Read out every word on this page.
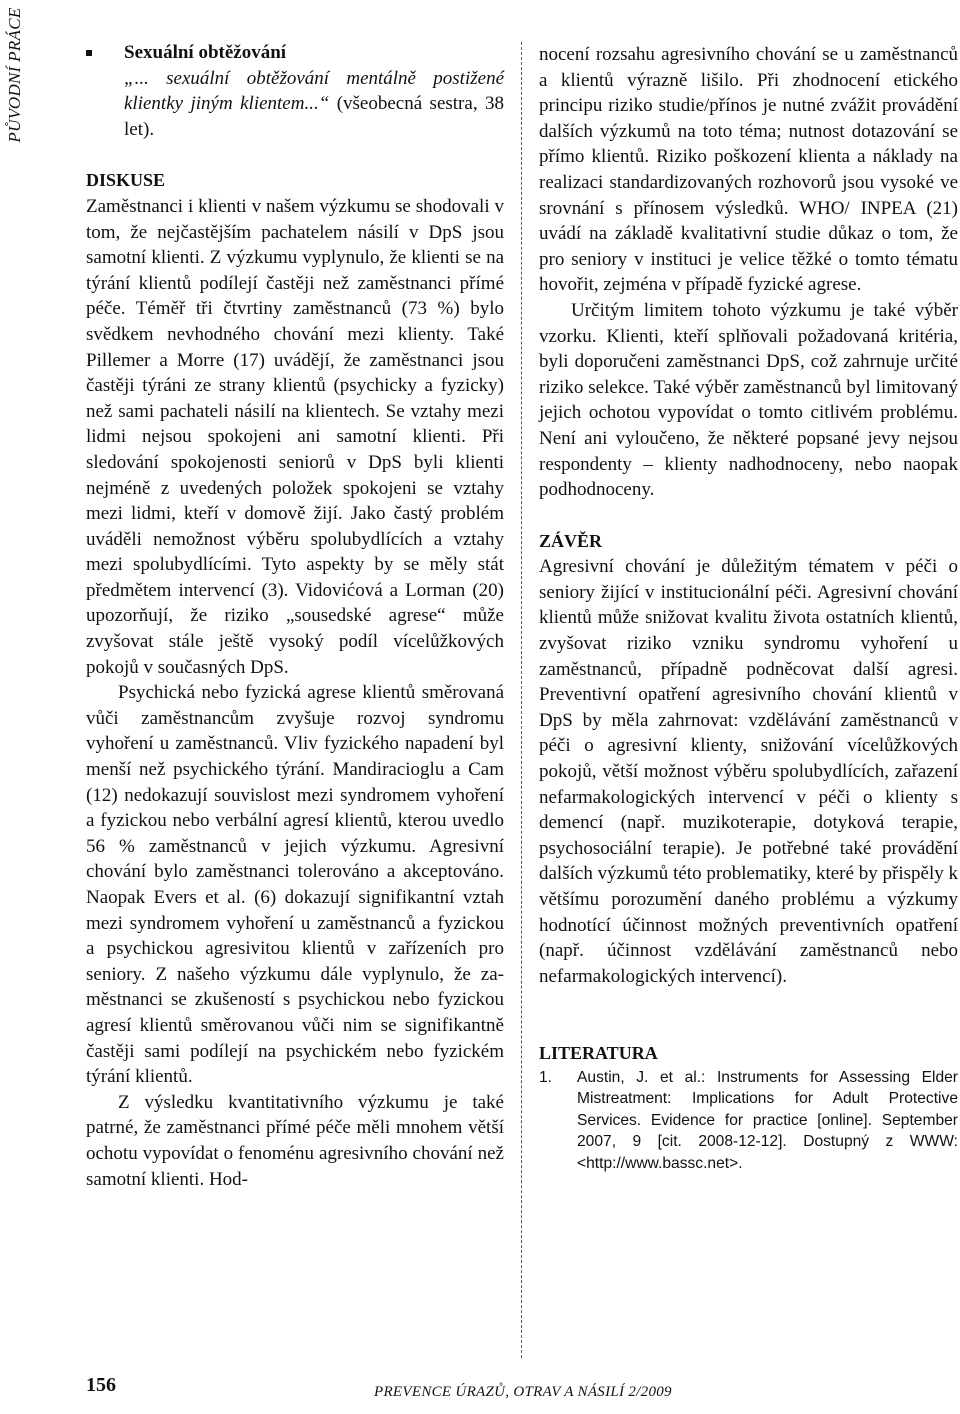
PŮVODNÍ PRÁCE	Sexuální obtěžování
„... sexuální obtěžování mentálně postižené klientky jiným klientem...“ (všeobecná sestra, 38 let).
DISKUSE

Zaměstnanci i klienti v našem výzkumu se shodovali v tom, že nejčastějším pachatelem násilí v DpS jsou samotní klienti. Z výzkumu vyplynulo, že klienti se na týrání klientů podílejí častěji než zaměstnanci přímé péče. Téměř tři čtvrtiny zaměstnanců (73 %) bylo svědkem nevhodného chování mezi klienty. Také Pillemer a Morre (17) uvádějí, že zaměstnanci jsou častěji týráni ze strany klientů (psychicky a fyzicky) než sami pachateli násilí na klientech. Se vztahy mezi lidmi nejsou spokojeni ani samotní klienti. Při sledování spokojenosti seniorů v DpS byli klienti nejméně z uvedených položek spokojeni se vztahy mezi lidmi, kteří v domově žijí. Jako častý problém uváděli nemožnost výběru spolubydlících a vztahy mezi spolubydlícími. Tyto aspekty by se měly stát předmětem intervencí (3). Vidovićová a Lorman (20) upozorňují, že riziko „sousedské agrese“ může zvyšovat stále ještě vysoký podíl vícelůžkových pokojů v současných DpS.

Psychická nebo fyzická agrese klientů směrovaná vůči zaměstnancům zvyšuje rozvoj syndromu vyhoření u zaměstnanců. Vliv fyzického napadení byl menší než psychického týrání. Mandiracioglu a Cam (12) nedokazují souvislost mezi syndromem vyhoření a fyzickou nebo verbální agresí klientů, kterou uvedlo 56 % zaměstnanců v jejich výzkumu. Agresivní chování bylo zaměstnanci tolerováno a akceptováno. Naopak Evers et al. (6) dokazují signifikantní vztah mezi syndromem vyhoření u zaměstnanců a fyzickou a psychickou agresivitou klientů v zařízeních pro seniory. Z našeho výzkumu dále vyplynulo, že zaměstnanci se zkušeností s psychickou nebo fyzickou agresí klientů směrovanou vůči nim se signifikantně častěji sami podílejí na psychickém nebo fyzickém týrání klientů.

Z výsledku kvantitativního výzkumu je také patrné, že zaměstnanci přímé péče měli mnohem větší ochotu vypovídat o fenoménu agresivního chování než samotní klienti. Hod-

nocení rozsahu agresivního chování se u zaměstnanců a klientů výrazně lišilo. Při zhodnocení etického principu riziko studie/přínos je nutné zvážit provádění dalších výzkumů na toto téma; nutnost dotazování se přímo klientů. Riziko poškození klienta a náklady na realizaci standardizovaných rozhovorů jsou vysoké ve srovnání s přínosem výsledků. WHO/ INPEA (21) uvádí na základě kvalitativní studie důkaz o tom, že pro seniory v instituci je velice těžké o tomto tématu hovořit, zejména v případě fyzické agrese.

Určitým limitem tohoto výzkumu je také výběr vzorku. Klienti, kteří splňovali požadovaná kritéria, byli doporučeni zaměstnanci DpS, což zahrnuje určité riziko selekce. Také výběr zaměstnanců byl limitovaný jejich ochotou vypovídat o tomto citlivém problému. Není ani vyloučeno, že některé popsané jevy nejsou respondenty – klienty nadhodnoceny, nebo naopak podhodnoceny.

ZÁVĚR

Agresivní chování je důležitým tématem v péči o seniory žijící v institucionální péči. Agresivní chování klientů může snižovat kvalitu života ostatních klientů, zvyšovat riziko vzniku syndromu vyhoření u zaměstnanců, případně podněcovat další agresi. Preventivní opatření agresivního chování klientů v DpS by měla zahrnovat: vzdělávání zaměstnanců v péči o agresivní klienty, snižování vícelůžkových pokojů, větší možnost výběru spolubydlících, zařazení nefarmakologických intervencí v péči o klienty s demencí (např. muzikoterapie, dotyková terapie, psychosociální terapie). Je potřebné také provádění dalších výzkumů této problematiky, které by přispěly k většímu porozumění daného problému a výzkumy hodnotící účinnost možných preventivních opatření (např. účinnost vzdělávání zaměstnanců nebo nefarmakologických intervencí).

LITERATURA
1. Austin, J. et al.: Instruments for Assessing Elder Mistreatment: Implications for Adult Protective Services. Evidence for practice [online]. September 2007, 9 [cit. 2008-12-12]. Dostupný z WWW: <http://www.bassc.net>.
156	PREVENCE ÚRAZŮ, OTRAV A NÁSILÍ 2/2009
